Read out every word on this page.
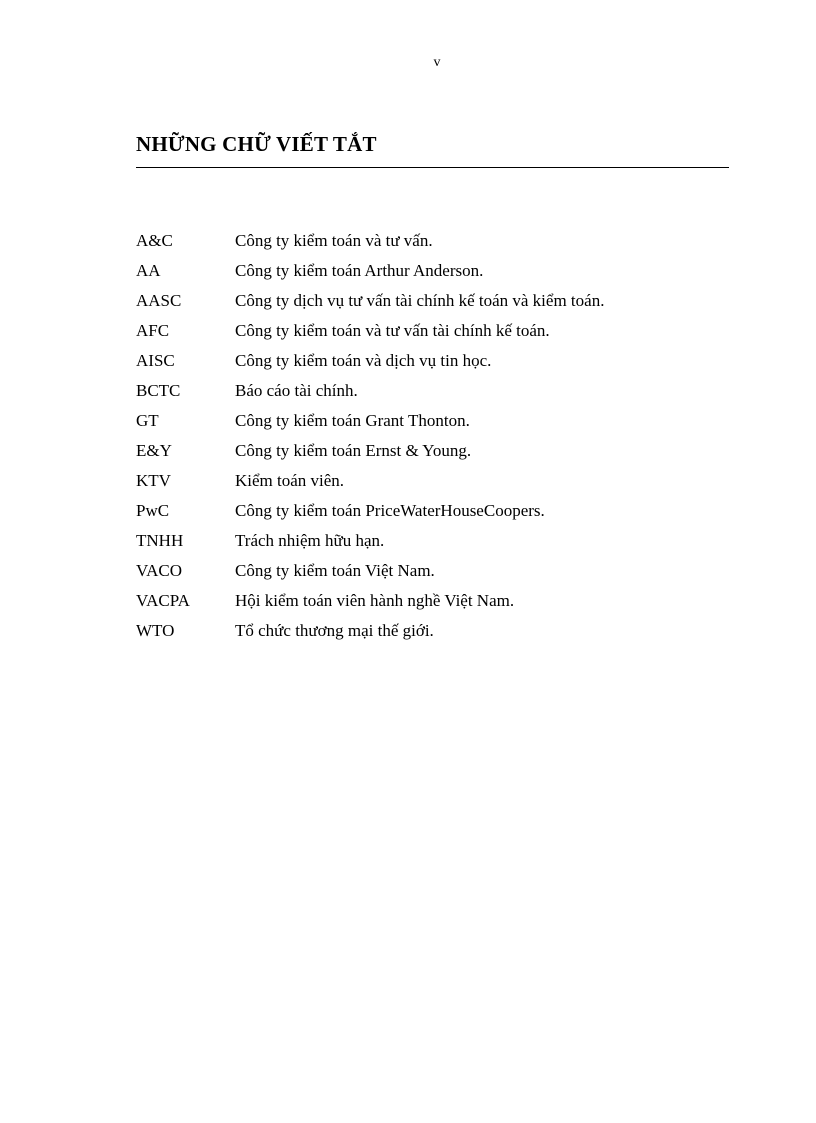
v
NHỮNG CHỮ VIẾT TẮT
A&C	Công ty kiểm toán và tư vấn.
AA	Công ty kiểm toán Arthur Anderson.
AASC	Công ty dịch vụ tư vấn tài chính kế toán và kiểm toán.
AFC	Công ty kiểm toán và tư vấn tài chính kế toán.
AISC	Công ty kiểm toán và dịch vụ tin học.
BCTC	Báo cáo tài chính.
GT	Công ty kiểm toán Grant Thonton.
E&Y	Công ty kiểm toán Ernst & Young.
KTV	Kiểm toán viên.
PwC	Công ty kiểm toán PriceWaterHouseCoopers.
TNHH	Trách nhiệm hữu hạn.
VACO	Công ty kiểm toán Việt Nam.
VACPA	Hội kiểm toán viên hành nghề Việt Nam.
WTO	Tổ chức thương mại thế giới.
